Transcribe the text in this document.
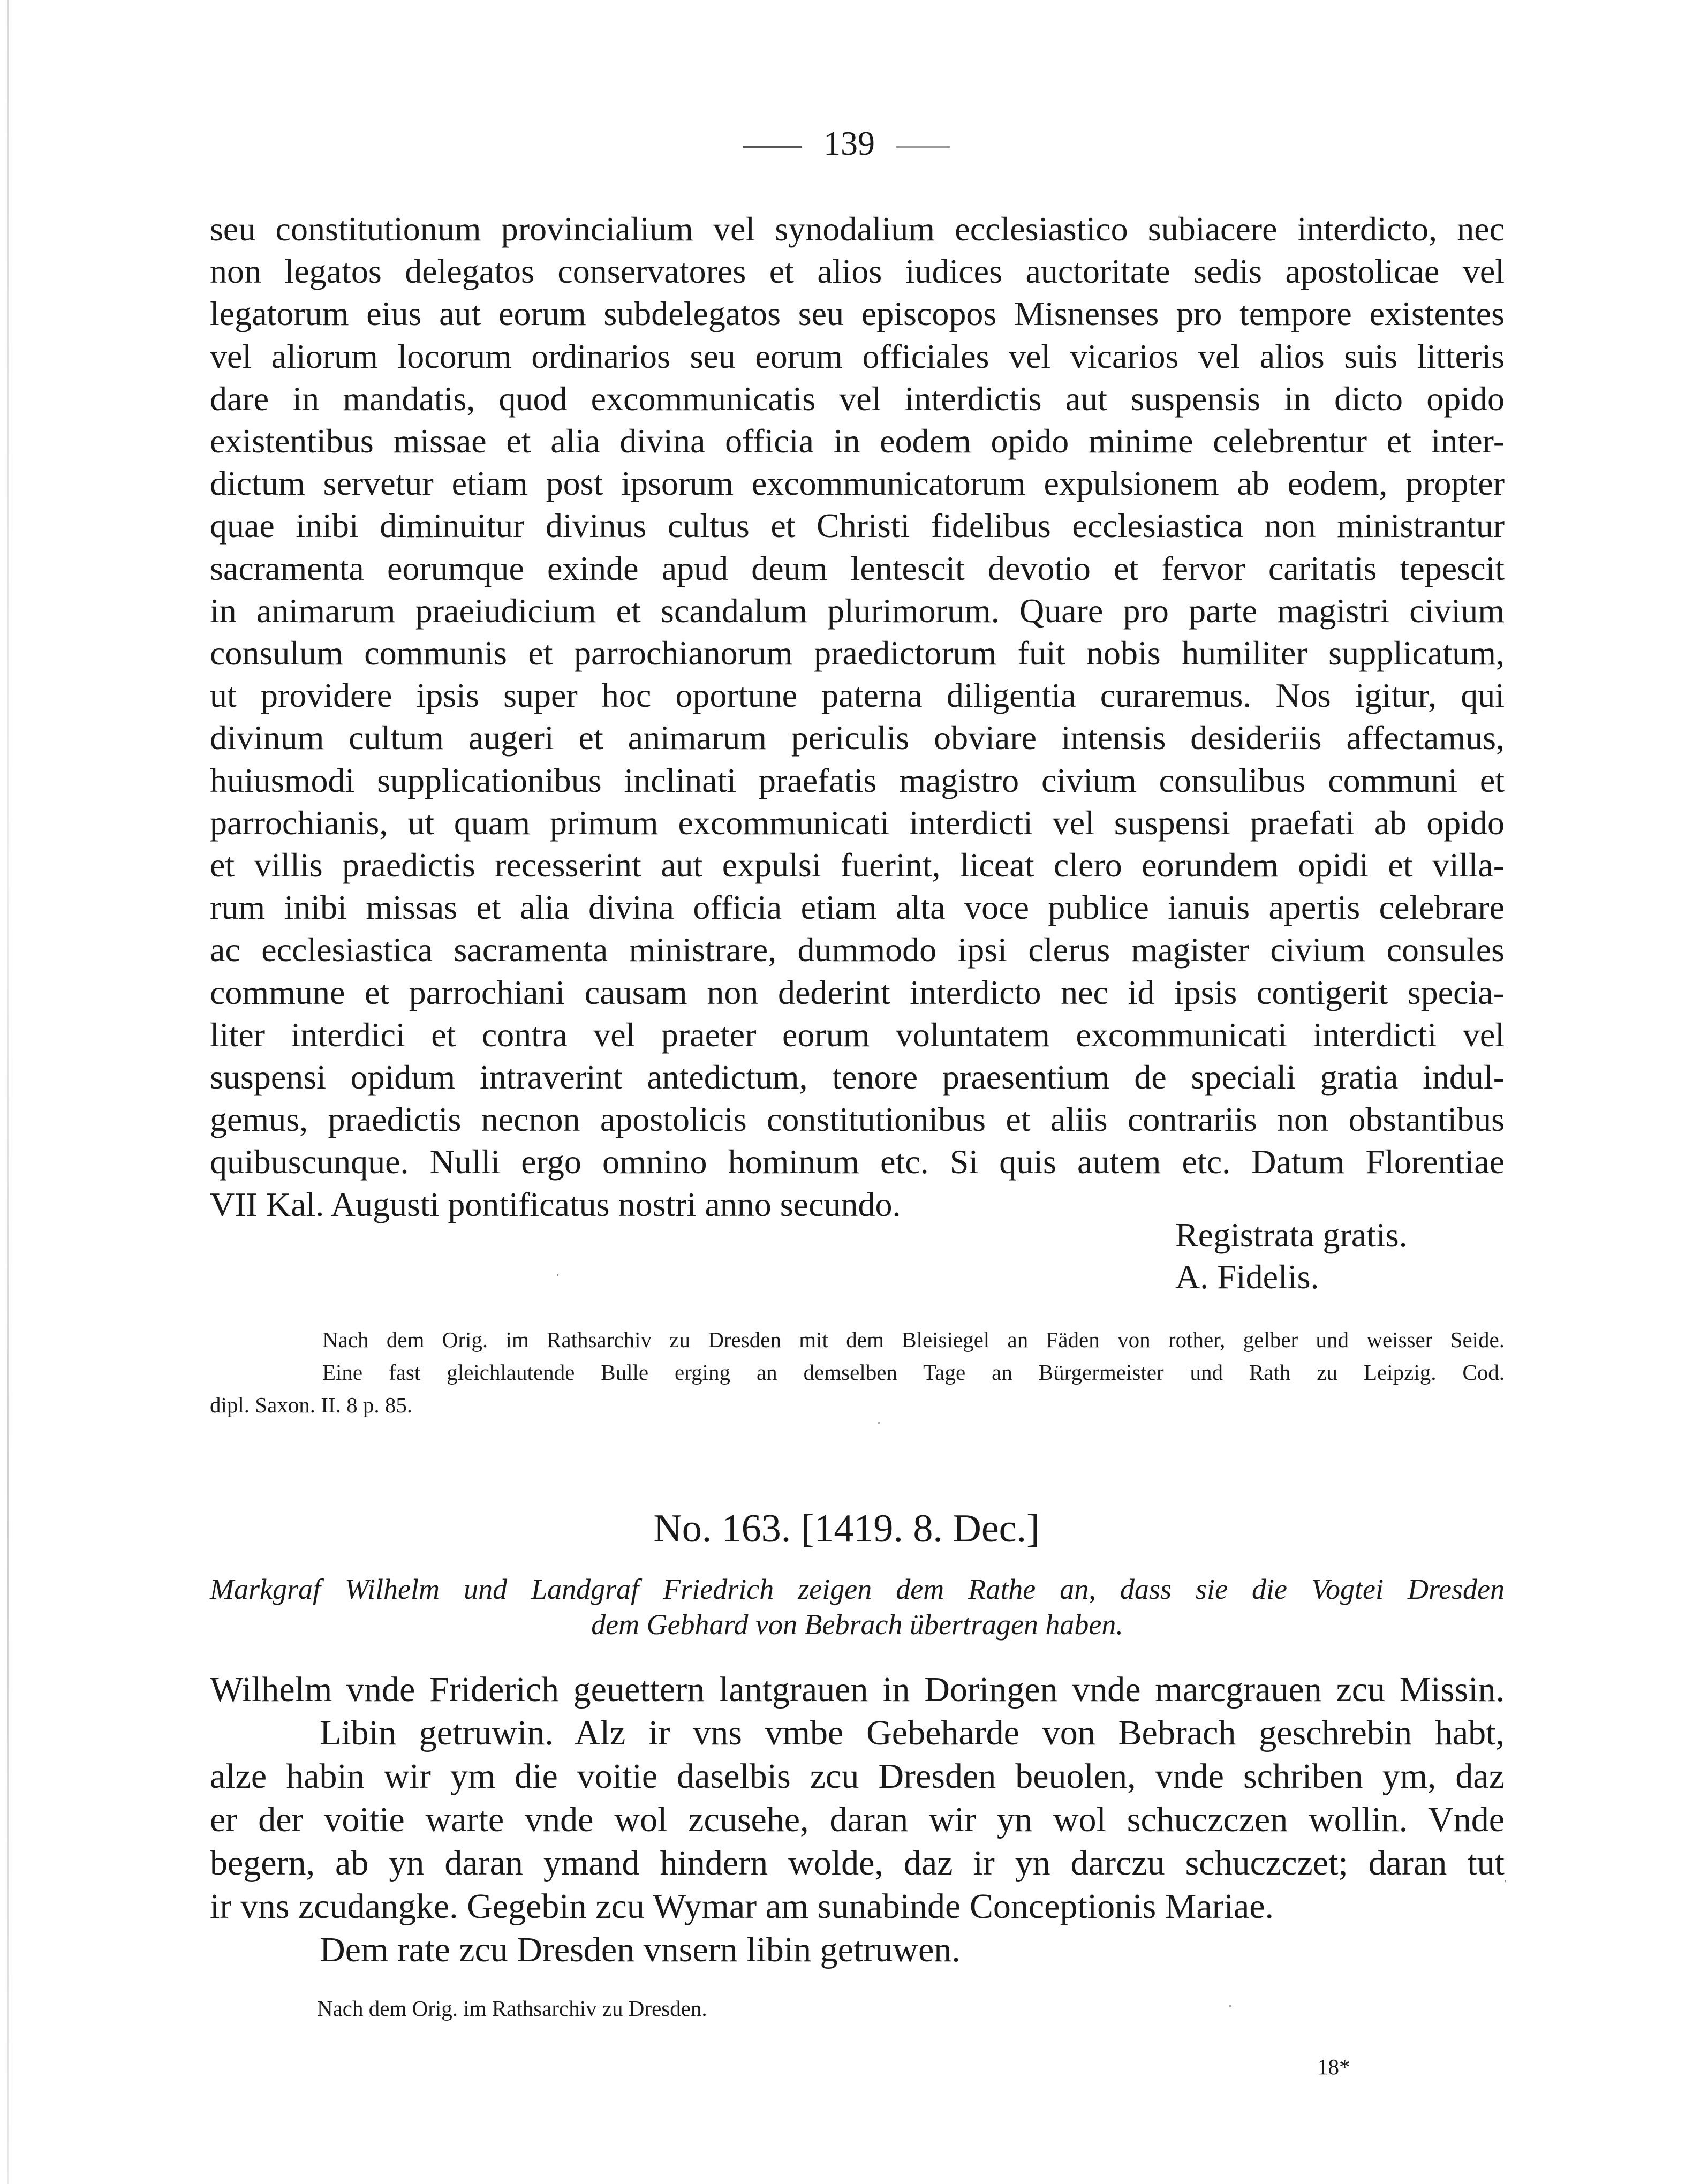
139
seu constitutionum provincialium vel synodalium ecclesiastico subiacere interdicto, nec
non legatos delegatos conservatores et alios iudices auctoritate sedis apostolicae vel
legatorum eius aut eorum subdelegatos seu episcopos Misnenses pro tempore existentes
vel aliorum locorum ordinarios seu eorum officiales vel vicarios vel alios suis litteris
dare in mandatis, quod excommunicatis vel interdictis aut suspensis in dicto opido
existentibus missae et alia divina officia in eodem opido minime celebrentur et inter-
dictum servetur etiam post ipsorum excommunicatorum expulsionem ab eodem, propter
quae inibi diminuitur divinus cultus et Christi fidelibus ecclesiastica non ministrantur
sacramenta eorumque exinde apud deum lentescit devotio et fervor caritatis tepescit
in animarum praeiudicium et scandalum plurimorum. Quare pro parte magistri civium
consulum communis et parrochianorum praedictorum fuit nobis humiliter supplicatum,
ut providere ipsis super hoc oportune paterna diligentia curaremus. Nos igitur, qui
divinum cultum augeri et animarum periculis obviare intensis desideriis affectamus,
huiusmodi supplicationibus inclinati praefatis magistro civium consulibus communi et
parrochianis, ut quam primum excommunicati interdicti vel suspensi praefati ab opido
et villis praedictis recesserint aut expulsi fuerint, liceat clero eorundem opidi et villa-
rum inibi missas et alia divina officia etiam alta voce publice ianuis apertis celebrare
ac ecclesiastica sacramenta ministrare, dummodo ipsi clerus magister civium consules
commune et parrochiani causam non dederint interdicto nec id ipsis contigerit specia-
liter interdici et contra vel praeter eorum voluntatem excommunicati interdicti vel
suspensi opidum intraverint antedictum, tenore praesentium de speciali gratia indul-
gemus, praedictis necnon apostolicis constitutionibus et aliis contrariis non obstantibus
quibuscunque. Nulli ergo omnino hominum etc. Si quis autem etc. Datum Florentiae
VII Kal. Augusti pontificatus nostri anno secundo.
Registrata gratis.
A. Fidelis.
Nach dem Orig. im Rathsarchiv zu Dresden mit dem Bleisiegel an Fäden von rother, gelber und weisser Seide.
Eine fast gleichlautende Bulle erging an demselben Tage an Bürgermeister und Rath zu Leipzig. Cod.
dipl. Saxon. II. 8 p. 85.
No. 163. [1419. 8. Dec.]
Markgraf Wilhelm und Landgraf Friedrich zeigen dem Rathe an, dass sie die Vogtei Dresden
dem Gebhard von Bebrach übertragen haben.
Wilhelm vnde Friderich geuettern lantgrauen in Doringen vnde marcgrauen zcu Missin.
Libin getruwin. Alz ir vns vmbe Gebeharde von Bebrach geschrebin habt,
alze habin wir ym die voitie daselbis zcu Dresden beuolen, vnde schriben ym, daz
er der voitie warte vnde wol zcusehe, daran wir yn wol schuczczen wollin. Vnde
begern, ab yn daran ymand hindern wolde, daz ir yn darczu schuczczet; daran tut
ir vns zcudangke. Gegebin zcu Wymar am sunabinde Conceptionis Mariae.
Dem rate zcu Dresden vnsern libin getruwen.
Nach dem Orig. im Rathsarchiv zu Dresden.
18*
